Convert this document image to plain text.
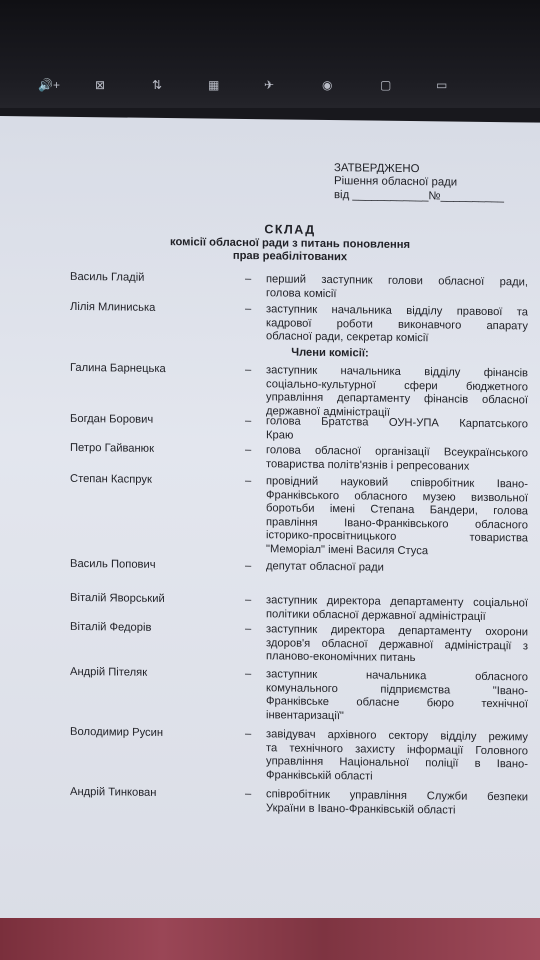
🔊+	⊠	⇅	▦	✈	◉	▢	▭
ЗАТВЕРДЖЕНО
Рішення обласної ради
від ____________№__________
СКЛАД
комісії обласної ради з питань поновлення
прав реабілітованих
Члени комісії:
Василь Гладій	–	перший заступник голови обласної ради,
голова комісії
Лілія Млиниська	–	заступник начальника відділу правової та
кадрової роботи виконавчого апарату
обласної ради, секретар комісії
Галина Барнецька	–	заступник начальника відділу фінансів
соціально-культурної сфери бюджетного
управління департаменту фінансів обласної
державної адміністрації
Богдан Борович	–	голова Братства ОУН-УПА Карпатського
Краю
Петро Гайванюк	–	голова обласної організації Всеукраїнського
товариства політв'язнів і репресованих
Степан Каспрук	–	провідний науковий співробітник Івано-
Франківського обласного музею визвольної
боротьби імені Степана Бандери, голова
правління Івано-Франківського обласного
історико-просвітницького товариства
"Меморіал" імені Василя Стуса
Василь Попович	–	депутат обласної ради
Віталій Яворський	–	заступник директора департаменту соціальної
політики обласної державної адміністрації
Віталій Федорів	–	заступник директора департаменту охорони
здоров'я обласної державної адміністрації з
планово-економічних питань
Андрій Пітеляк	–	заступник начальника обласного
комунального підприємства "Івано-
Франківське обласне бюро технічної
інвентаризації"
Володимир Русин	–	завідувач архівного сектору відділу режиму
та технічного захисту інформації Головного
управління Національної поліції в Івано-
Франківській області
Андрій Тинкован	–	співробітник управління Служби безпеки
України в Івано-Франківській області
